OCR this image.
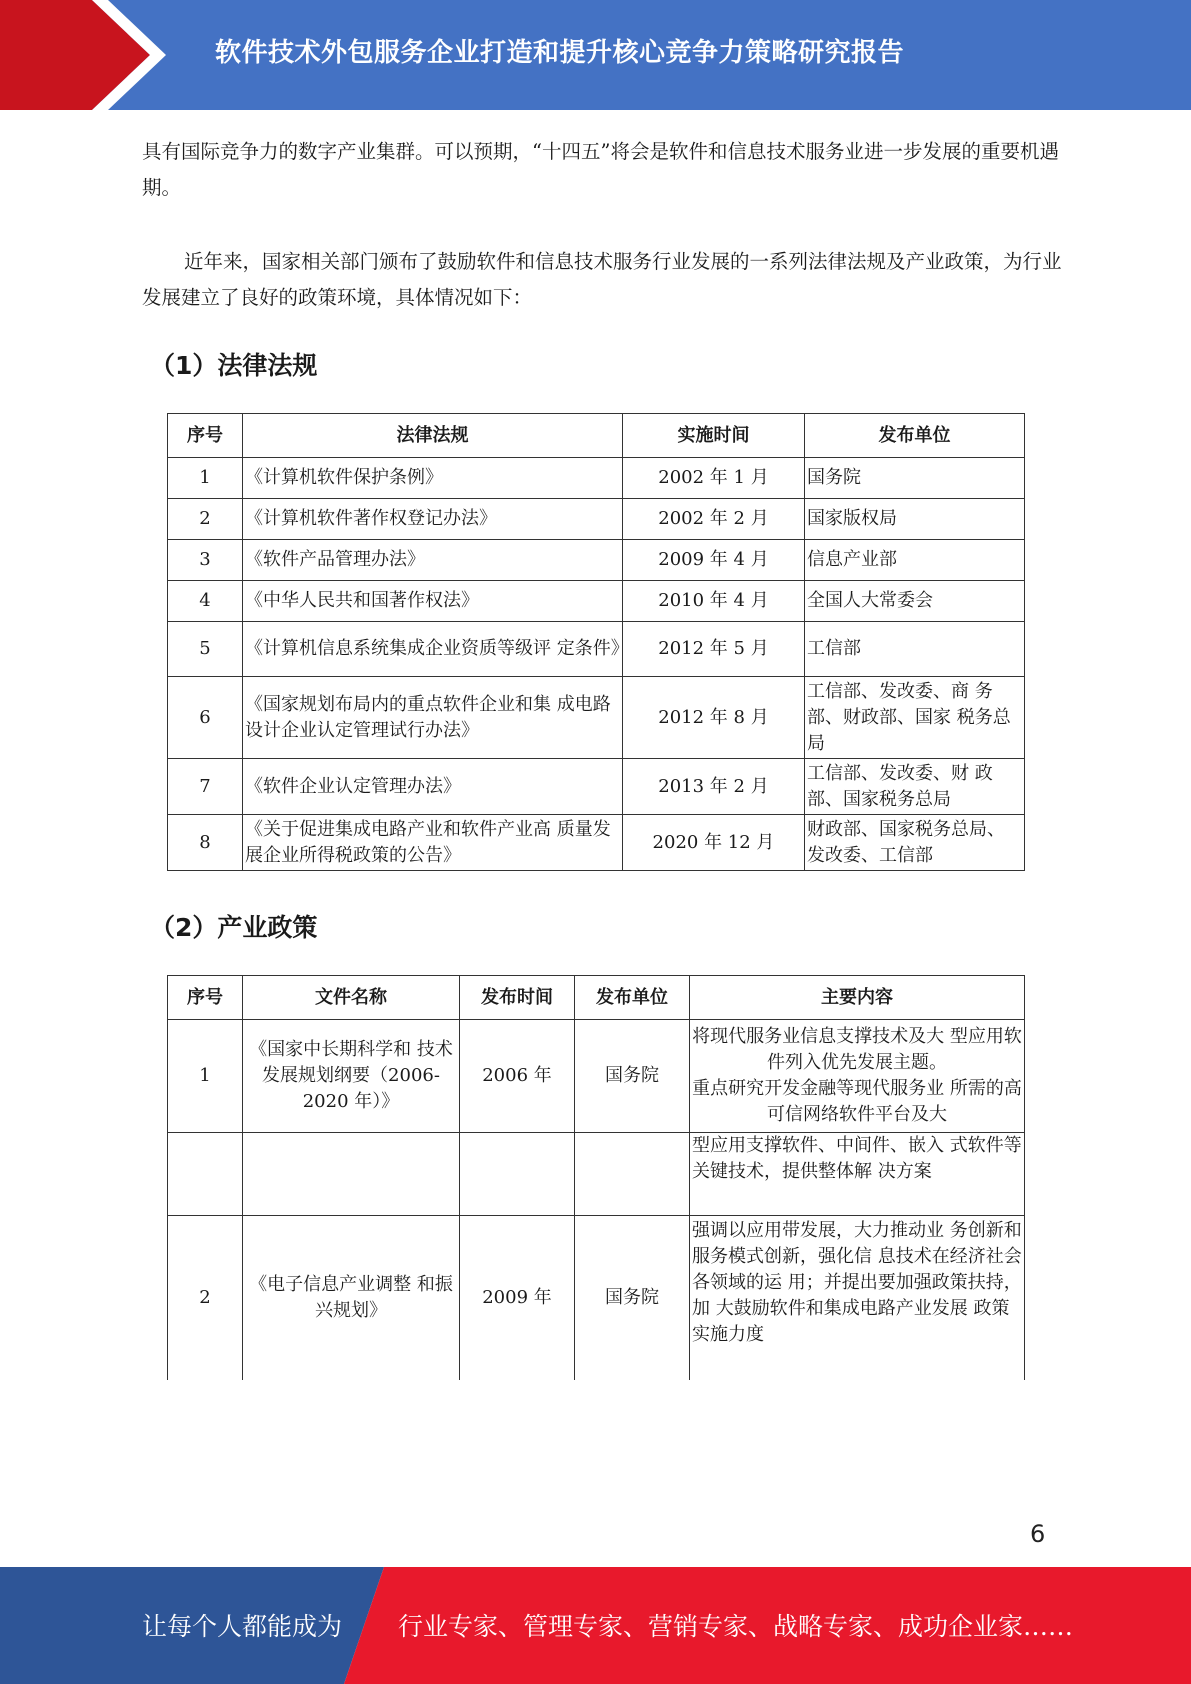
软件技术外包服务企业打造和提升核心竞争力策略研究报告

具有国际竞争力的数字产业集群。可以预期，“十四五”将会是软件和信息技术服务业进一步发展的重要机遇期。

近年来，国家相关部门颁布了鼓励软件和信息技术服务行业发展的一系列法律法规及产业政策，为行业发展建立了良好的政策环境，具体情况如下：

（1）法律法规
序号	法律法规	实施时间	发布单位
1	《计算机软件保护条例》	2002 年 1 月	国务院
2	《计算机软件著作权登记办法》	2002 年 2 月	国家版权局
3	《软件产品管理办法》	2009 年 4 月	信息产业部
4	《中华人民共和国著作权法》	2010 年 4 月	全国人大常委会
5	《计算机信息系统集成企业资质等级评 定条件》	2012 年 5 月	工信部
6	《国家规划布局内的重点软件企业和集 成电路设计企业认定管理试行办法》	2012 年 8 月	工信部、发改委、商 务部、财政部、国家 税务总局
7	《软件企业认定管理办法》	2013 年 2 月	工信部、发改委、财 政部、国家税务总局
8	《关于促进集成电路产业和软件产业高 质量发展企业所得税政策的公告》	2020 年 12 月	财政部、国家税务总局、发改委、工信部
（2）产业政策
序号	文件名称	发布时间	发布单位	主要内容
1	《国家中长期科学和 技术发展规划纲要（2006-2020 年）》	2006 年	国务院	将现代服务业信息支撑技术及大 型应用软件列入优先发展主题。
重点研究开发金融等现代服务业 所需的高可信网络软件平台及大

				型应用支撑软件、中间件、嵌入 式软件等关键技术，提供整体解 决方案
2	《电子信息产业调整 和振兴规划》	2009 年	国务院	强调以应用带发展，大力推动业 务创新和服务模式创新，强化信 息技术在经济社会各领域的运 用；并提出要加强政策扶持，加 大鼓励软件和集成电路产业发展 政策实施力度
6
让每个人都能成为 行业专家、管理专家、营销专家、战略专家、成功企业家……
